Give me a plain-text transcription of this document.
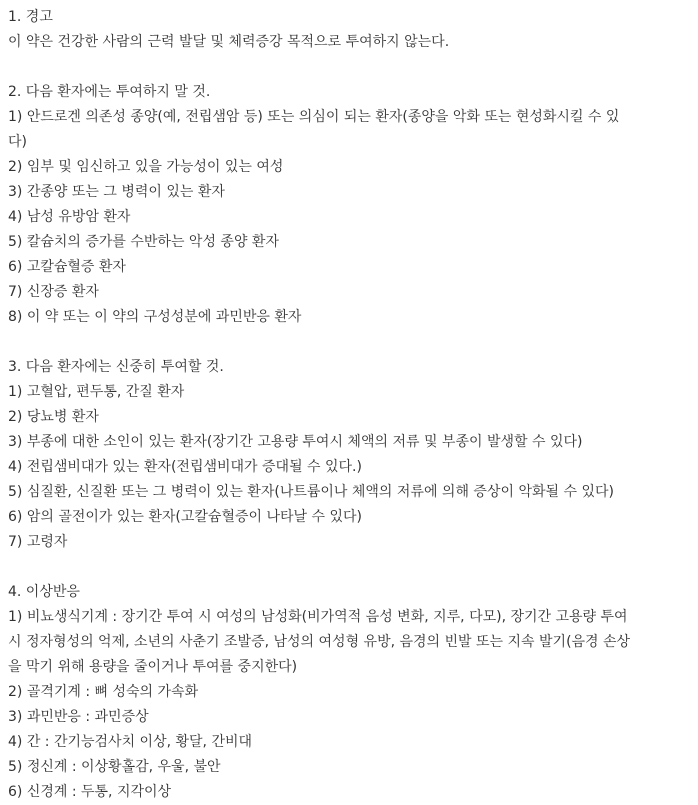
1. 경고
이 약은 건강한 사람의 근력 발달 및 체력증강 목적으로 투여하지 않는다.
2. 다음 환자에는 투여하지 말 것.
1) 안드로겐 의존성 종양(예, 전립샘암 등) 또는 의심이 되는 환자(종양을 악화 또는 현성화시킬 수 있
다)
2) 임부 및 임신하고 있을 가능성이 있는 여성
3) 간종양 또는 그 병력이 있는 환자
4) 남성 유방암 환자
5) 칼슘치의 증가를 수반하는 악성 종양 환자
6) 고칼슘혈증 환자
7) 신장증 환자
8) 이 약 또는 이 약의 구성성분에 과민반응 환자
3. 다음 환자에는 신중히 투여할 것.
1) 고혈압, 편두통, 간질 환자
2) 당뇨병 환자
3) 부종에 대한 소인이 있는 환자(장기간 고용량 투여시 체액의 저류 및 부종이 발생할 수 있다)
4) 전립샘비대가 있는 환자(전립샘비대가 증대될 수 있다.)
5) 심질환, 신질환 또는 그 병력이 있는 환자(나트륨이나 체액의 저류에 의해 증상이 악화될 수 있다)
6) 암의 골전이가 있는 환자(고칼슘혈증이 나타날 수 있다)
7) 고령자
4. 이상반응
1) 비뇨생식기계 : 장기간 투여 시 여성의 남성화(비가역적 음성 변화, 지루, 다모), 장기간 고용량 투여
시 정자형성의 억제, 소년의 사춘기 조발증, 남성의 여성형 유방, 음경의 빈발 또는 지속 발기(음경 손상
을 막기 위해 용량을 줄이거나 투여를 중지한다)
2) 골격기계 : 뼈 성숙의 가속화
3) 과민반응 : 과민증상
4) 간 : 간기능검사치 이상, 황달, 간비대
5) 정신계 : 이상황홀감, 우울, 불안
6) 신경계 : 두통, 지각이상
